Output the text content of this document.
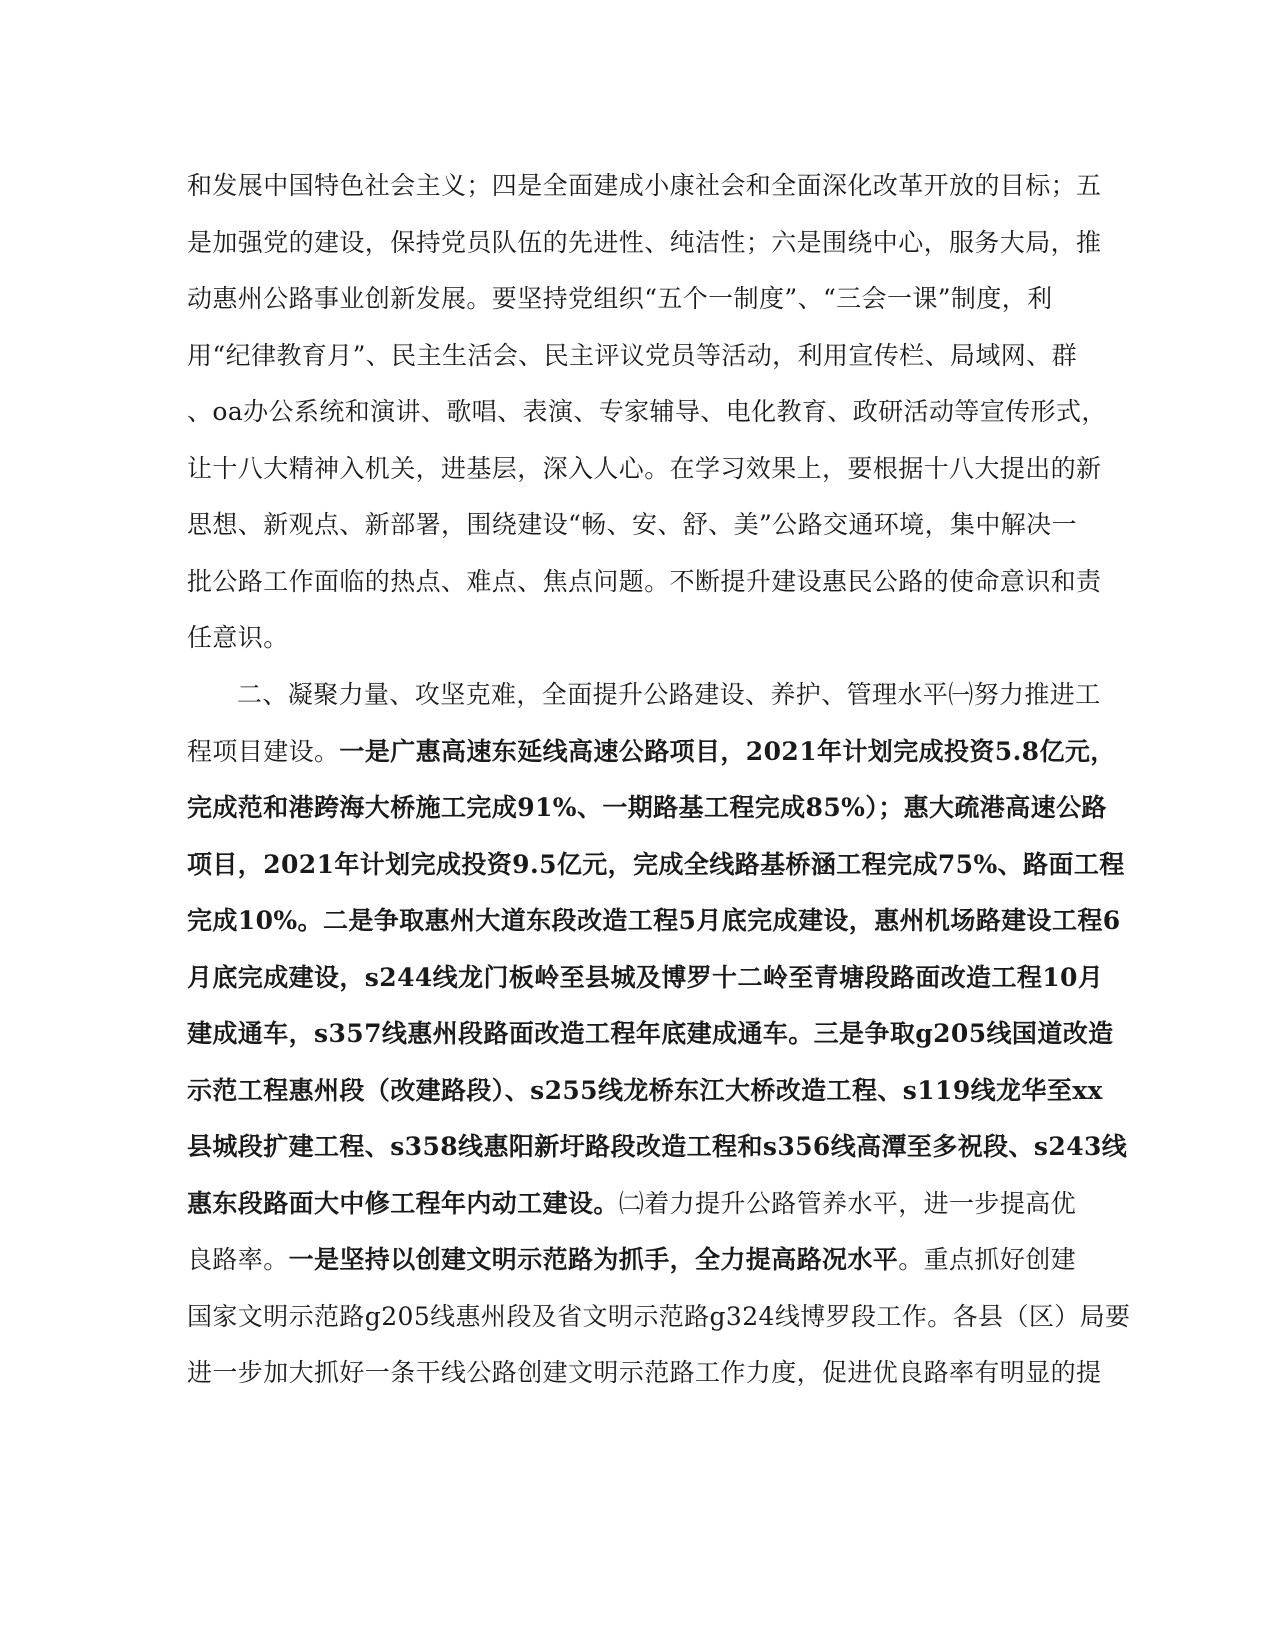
和发展中国特色社会主义；四是全面建成小康社会和全面深化改革开放的目标；五
是加强党的建设，保持党员队伍的先进性、纯洁性；六是围绕中心，服务大局，推
动惠州公路事业创新发展。要坚持党组织“五个一制度”、“三会一课”制度，利
用“纪律教育月”、民主生活会、民主评议党员等活动，利用宣传栏、局域网、群
、oa办公系统和演讲、歌唱、表演、专家辅导、电化教育、政研活动等宣传形式，
让十八大精神入机关，进基层，深入人心。在学习效果上，要根据十八大提出的新
思想、新观点、新部署，围绕建设“畅、安、舒、美”公路交通环境，集中解决一
批公路工作面临的热点、难点、焦点问题。不断提升建设惠民公路的使命意识和责
任意识。
二、凝聚力量、攻坚克难，全面提升公路建设、养护、管理水平㈠努力推进工
程项目建设。一是广惠高速东延线高速公路项目，2021年计划完成投资5.8亿元，
完成范和港跨海大桥施工完成91%、一期路基工程完成85%）；惠大疏港高速公路
项目，2021年计划完成投资9.5亿元，完成全线路基桥涵工程完成75%、路面工程
完成10%。二是争取惠州大道东段改造工程5月底完成建设，惠州机场路建设工程6
月底完成建设，s244线龙门板岭至县城及博罗十二岭至青塘段路面改造工程10月
建成通车，s357线惠州段路面改造工程年底建成通车。三是争取g205线国道改造
示范工程惠州段（改建路段）、s255线龙桥东江大桥改造工程、s119线龙华至xx
县城段扩建工程、s358线惠阳新圩路段改造工程和s356线高潭至多祝段、s243线
惠东段路面大中修工程年内动工建设。㈡着力提升公路管养水平，进一步提高优
良路率。一是坚持以创建文明示范路为抓手，全力提高路况水平。重点抓好创建
国家文明示范路g205线惠州段及省文明示范路g324线博罗段工作。各县（区）局要
进一步加大抓好一条干线公路创建文明示范路工作力度，促进优良路率有明显的提
